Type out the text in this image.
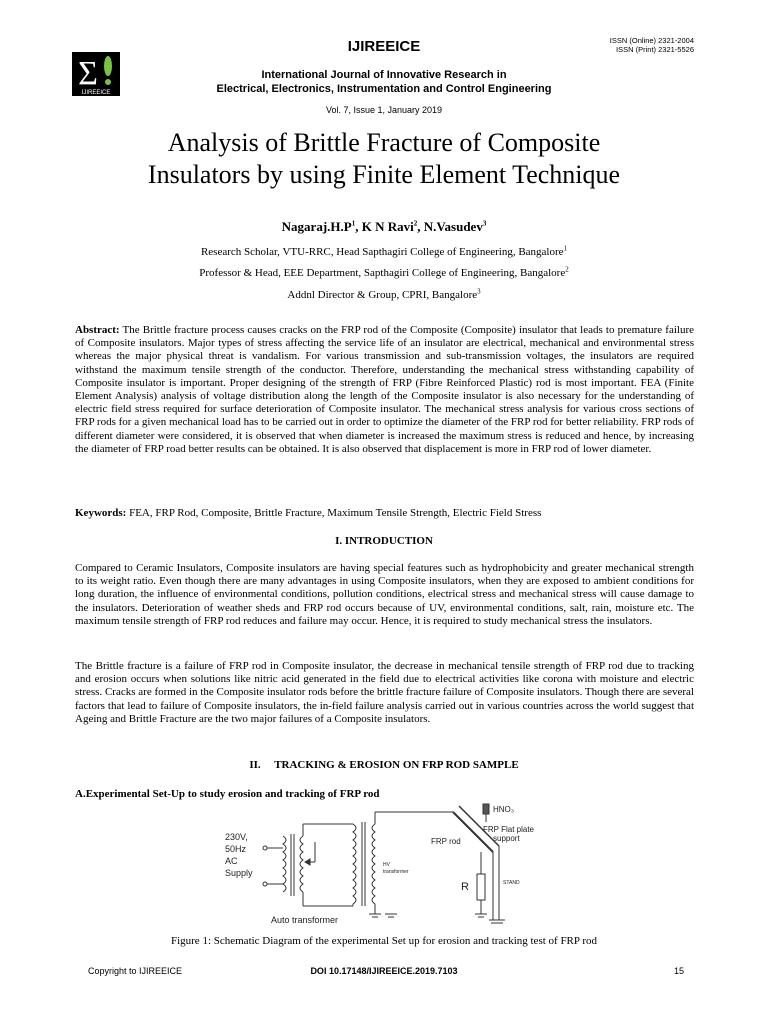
Σ
IJIREEICE
IJIREEICE	ISSN (Online) 2321-2004
ISSN (Print) 2321-5526
International Journal of Innovative Research in
Electrical, Electronics, Instrumentation and Control Engineering
Vol. 7, Issue 1, January 2019
Analysis of Brittle Fracture of Composite
Insulators by using Finite Element Technique
$Nagaraj.H.P^1$, K N Ravi$^2$, N.Vasudev$^3$
Research Scholar, VTU-RRC, Head Sapthagiri College of Engineering, Bangalore$^1$
Professor & Head, EEE Department, Sapthagiri College of Engineering, Bangalore$^2$
Addnl Director & Group, CPRI, Bangalore$^3$
Abstract: The Brittle fracture process causes cracks on the FRP rod of the Composite (Composite) insulator that leads to premature failure of Composite insulators. Major types of stress affecting the service life of an insulator are electrical, mechanical and environmental stress whereas the major physical threat is vandalism. For various transmission and sub-transmission voltages, the insulators are required withstand the maximum tensile strength of the conductor. Therefore, understanding the mechanical stress withstanding capability of Composite insulator is important. Proper designing of the strength of FRP (Fibre Reinforced Plastic) rod is most important. FEA (Finite Element Analysis) analysis of voltage distribution along the length of the Composite insulator is also necessary for the understanding of electric field stress required for surface deterioration of Composite insulator. The mechanical stress analysis for various cross sections of FRP rods for a given mechanical load has to be carried out in order to optimize the diameter of the FRP rod for better reliability. FRP rods of different diameter were considered, it is observed that when diameter is increased the maximum stress is reduced and hence, by increasing the diameter of FRP road better results can be obtained. It is also observed that displacement is more in FRP rod of lower diameter.
Keywords: FEA, FRP Rod, Composite, Brittle Fracture, Maximum Tensile Strength, Electric Field Stress
I. INTRODUCTION
Compared to Ceramic Insulators, Composite insulators are having special features such as hydrophobicity and greater mechanical strength to its weight ratio. Even though there are many advantages in using Composite insulators, when they are exposed to ambient conditions for long duration, the influence of environmental conditions, pollution conditions, electrical stress and mechanical stress will cause damage to the insulators. Deterioration of weather sheds and FRP rod occurs because of UV, environmental conditions, salt, rain, moisture etc. The maximum tensile strength of FRP rod reduces and failure may occur. Hence, it is required to study mechanical stress the insulators.
The Brittle fracture is a failure of FRP rod in Composite insulator, the decrease in mechanical tensile strength of FRP rod due to tracking and erosion occurs when solutions like nitric acid generated in the field due to electrical activities like corona with moisture and electric stress. Cracks are formed in the Composite insulator rods before the brittle fracture failure of Composite insulators. Though there are several factors that lead to failure of Composite insulators, the in-field failure analysis carried out in various countries across the world suggest that Ageing and Brittle Fracture are the two major failures of a Composite insulators.
II.     TRACKING & EROSION ON FRP ROD SAMPLE
A.Experimental Set-Up to study erosion and tracking of FRP rod
230V,
50Hz
AC
Supply
Auto transformer
HV
transformer
FRP rod
HNO₃
FRP Flat plate
support
R	STAND
Figure 1: Schematic Diagram of the experimental Set up for erosion and tracking test of FRP rod
Copyright to IJIREEICE	DOI 10.17148/IJIREEICE.2019.7103	15
